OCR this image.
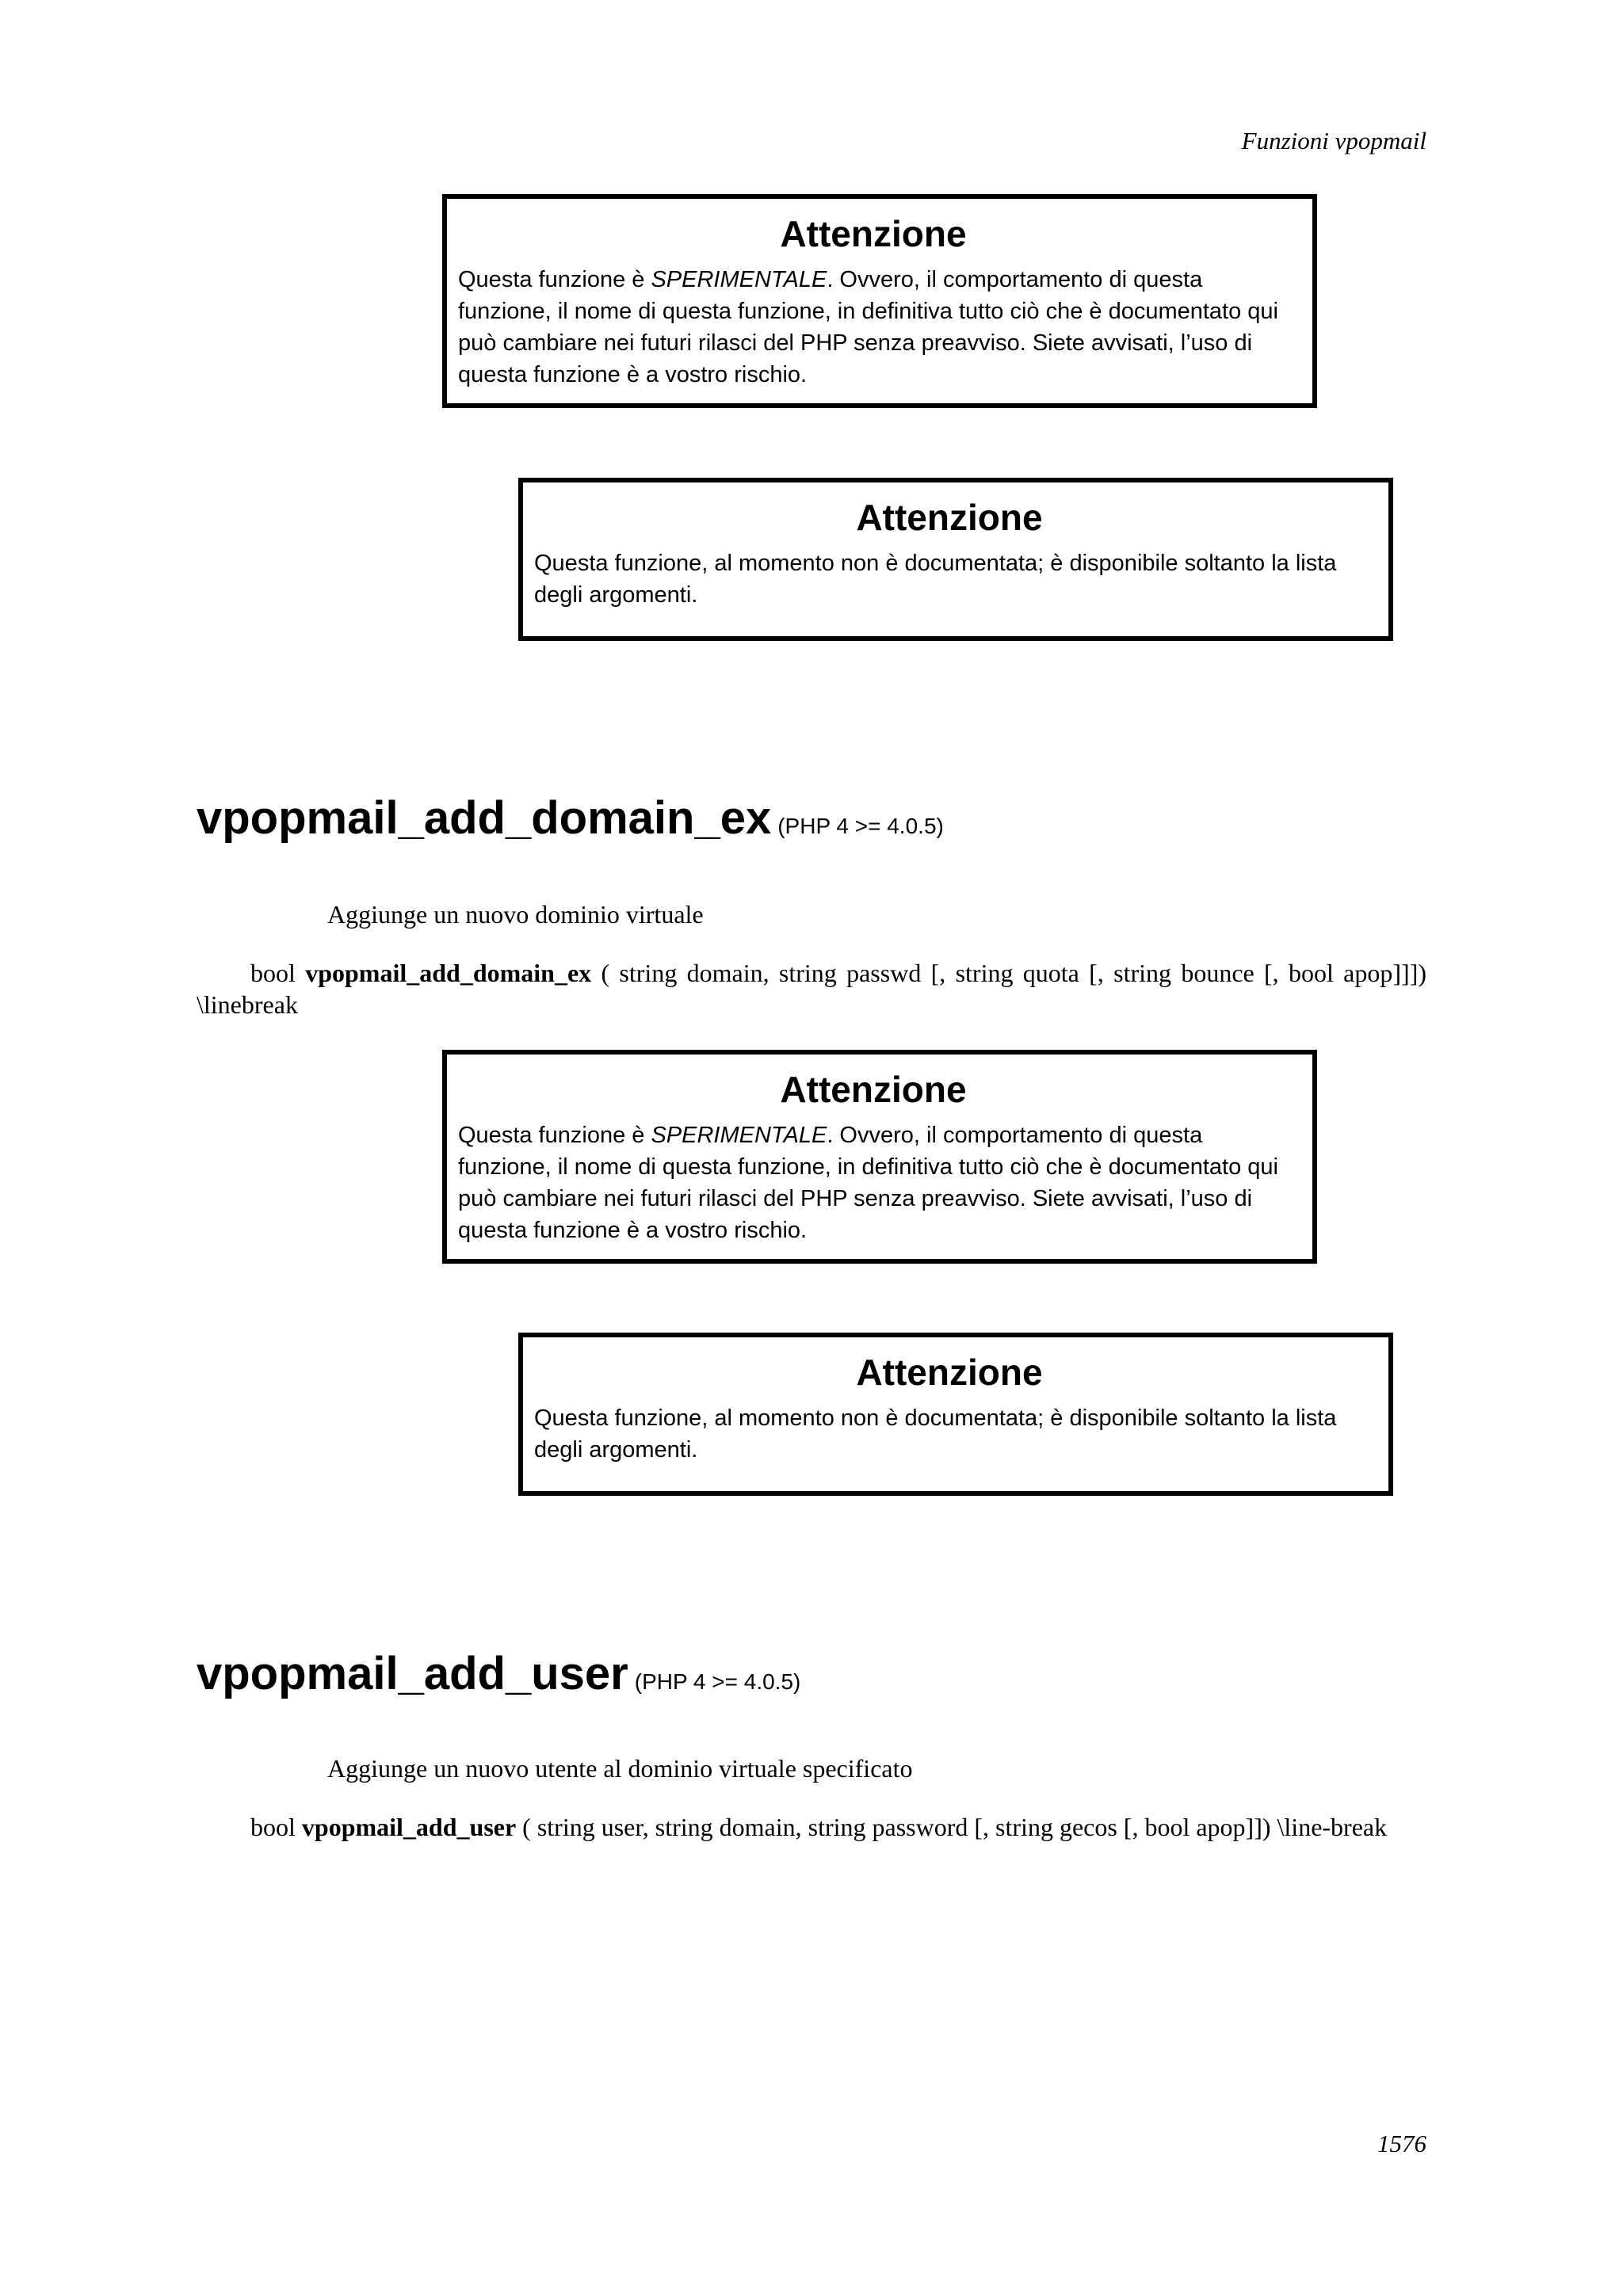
Funzioni vpopmail
Attenzione
Questa funzione è SPERIMENTALE. Ovvero, il comportamento di questa funzione, il nome di questa funzione, in definitiva tutto ciò che è documentato qui può cambiare nei futuri rilasci del PHP senza preavviso. Siete avvisati, l’uso di questa funzione è a vostro rischio.
Attenzione
Questa funzione, al momento non è documentata; è disponibile soltanto la lista degli argomenti.
vpopmail_add_domain_ex (PHP 4 >= 4.0.5)
Aggiunge un nuovo dominio virtuale
bool vpopmail_add_domain_ex ( string domain, string passwd [, string quota [, string bounce [, bool apop]]]) \linebreak
Attenzione
Questa funzione è SPERIMENTALE. Ovvero, il comportamento di questa funzione, il nome di questa funzione, in definitiva tutto ciò che è documentato qui può cambiare nei futuri rilasci del PHP senza preavviso. Siete avvisati, l’uso di questa funzione è a vostro rischio.
Attenzione
Questa funzione, al momento non è documentata; è disponibile soltanto la lista degli argomenti.
vpopmail_add_user (PHP 4 >= 4.0.5)
Aggiunge un nuovo utente al dominio virtuale specificato
bool vpopmail_add_user ( string user, string domain, string password [, string gecos [, bool apop]]) \line-break
1576
